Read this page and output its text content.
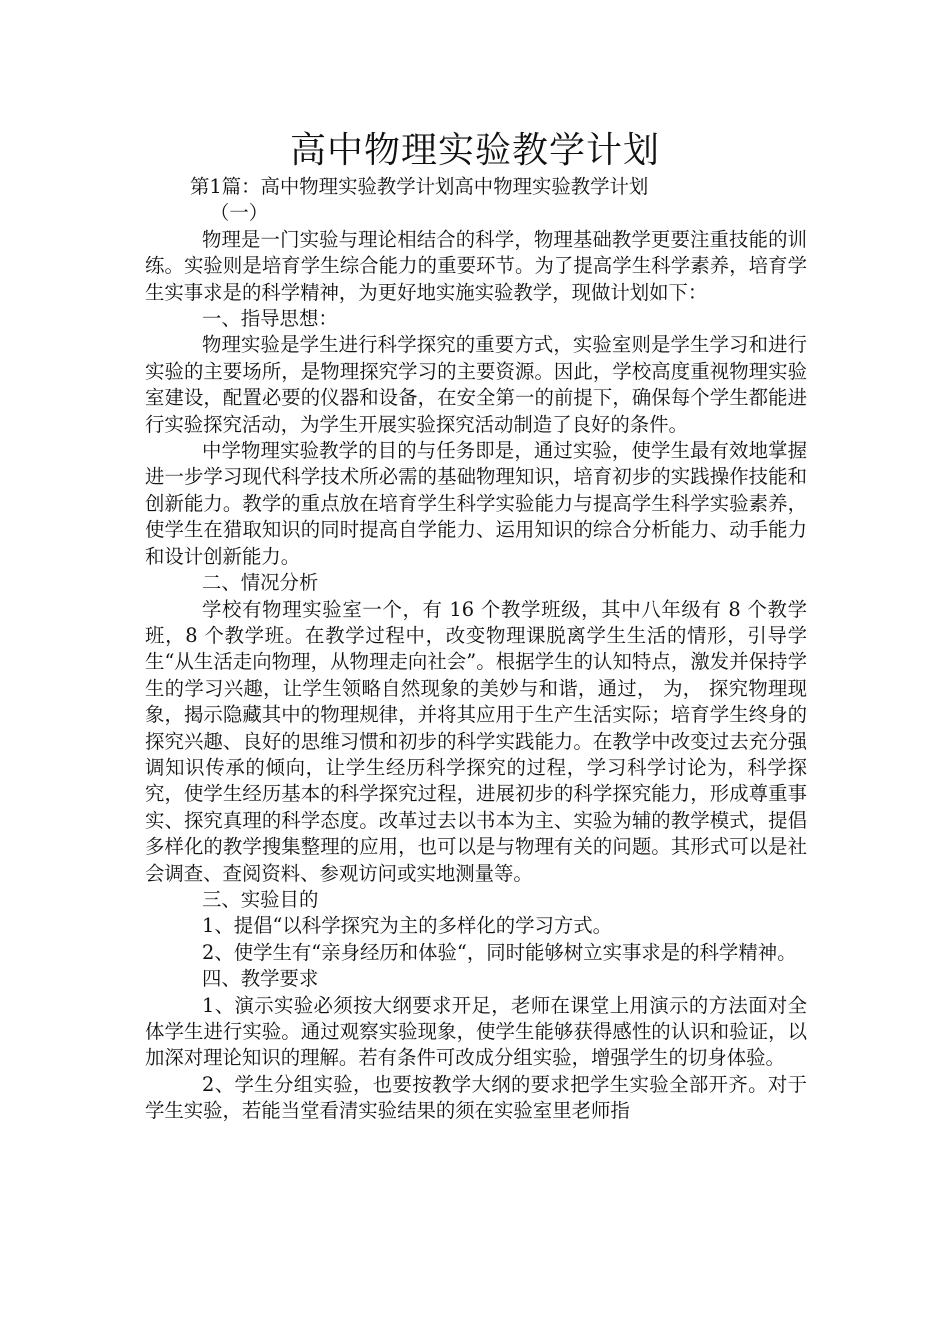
高中物理实验教学计划

第1篇：高中物理实验教学计划高中物理实验教学计划

（一）

物理是一门实验与理论相结合的科学，物理基础教学更要注重技能的训练。实验则是培育学生综合能力的重要环节。为了提高学生科学素养，培育学生实事求是的科学精神，为更好地实施实验教学，现做计划如下：

一、指导思想：

物理实验是学生进行科学探究的重要方式，实验室则是学生学习和进行实验的主要场所，是物理探究学习的主要资源。因此，学校高度重视物理实验室建设，配置必要的仪器和设备，在安全第一的前提下，确保每个学生都能进行实验探究活动，为学生开展实验探究活动制造了良好的条件。

中学物理实验教学的目的与任务即是，通过实验，使学生最有效地掌握进一步学习现代科学技术所必需的基础物理知识，培育初步的实践操作技能和创新能力。教学的重点放在培育学生科学实验能力与提高学生科学实验素养，使学生在猎取知识的同时提高自学能力、运用知识的综合分析能力、动手能力和设计创新能力。

二、情况分析

学校有物理实验室一个，有 16 个教学班级，其中八年级有 8 个教学班，8 个教学班。在教学过程中，改变物理课脱离学生生活的情形，引导学生“从生活走向物理，从物理走向社会”。根据学生的认知特点，激发并保持学生的学习兴趣，让学生领略自然现象的美妙与和谐，通过， 为， 探究物理现象，揭示隐藏其中的物理规律，并将其应用于生产生活实际；培育学生终身的探究兴趣、良好的思维习惯和初步的科学实践能力。在教学中改变过去充分强调知识传承的倾向，让学生经历科学探究的过程，学习科学讨论为，科学探究，使学生经历基本的科学探究过程，进展初步的科学探究能力，形成尊重事实、探究真理的科学态度。改革过去以书本为主、实验为辅的教学模式，提倡多样化的教学搜集整理的应用，也可以是与物理有关的问题。其形式可以是社会调查、查阅资料、参观访问或实地测量等。

三、实验目的

1、提倡“以科学探究为主的多样化的学习方式。

2、使学生有“亲身经历和体验“，同时能够树立实事求是的科学精神。

四、教学要求

1、演示实验必须按大纲要求开足，老师在课堂上用演示的方法面对全体学生进行实验。通过观察实验现象，使学生能够获得感性的认识和验证，以加深对理论知识的理解。若有条件可改成分组实验，增强学生的切身体验。

2、学生分组实验，也要按教学大纲的要求把学生实验全部开齐。对于学生实验，若能当堂看清实验结果的须在实验室里老师指
